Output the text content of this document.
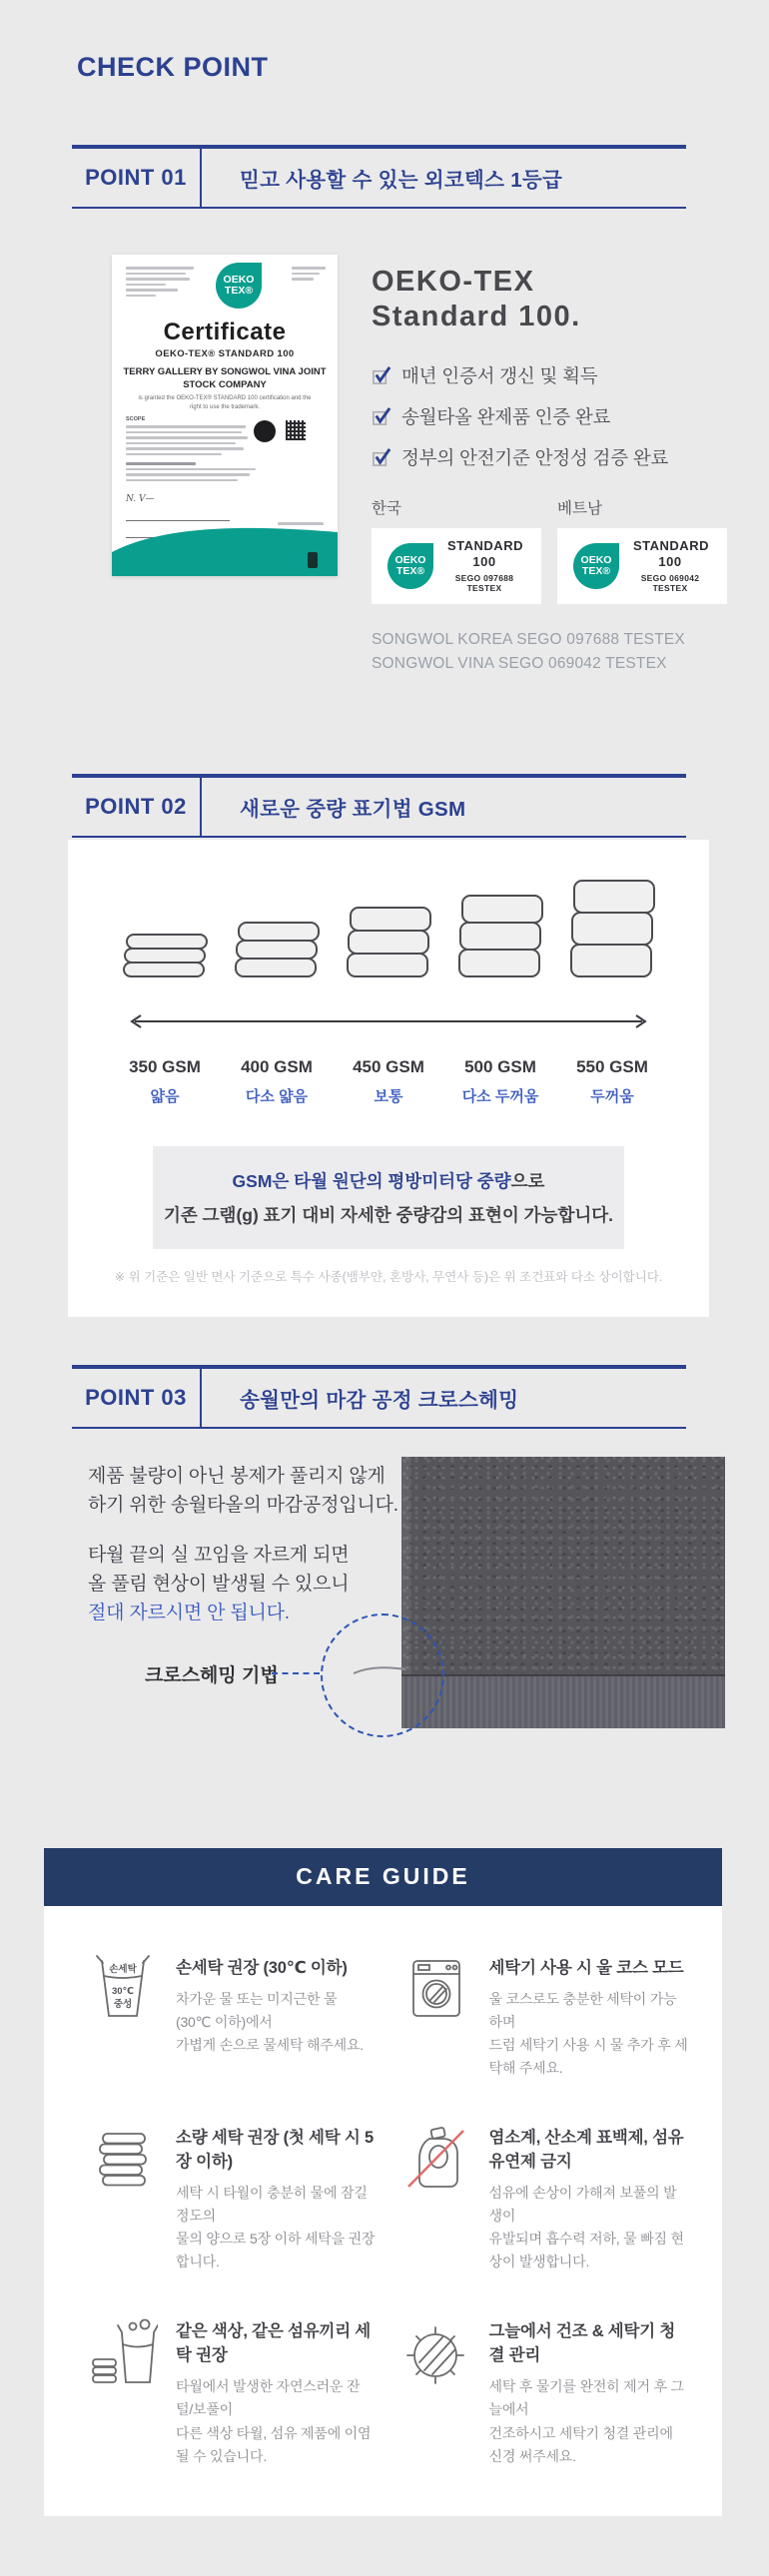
CHECK POINT
POINT 01	믿고 사용할 수 있는 외코텍스 1등급
OEKO
TEX®
Certificate
OEKO-TEX® STANDARD 100
TERRY GALLERY BY SONGWOL VINA JOINT STOCK COMPANY
is granted the OEKO-TEX® STANDARD 100 certification and the right to use the trademark.
SCOPE
N. V—
OEKO-TEX
Standard 100.
매년 인증서 갱신 및 획득
송월타올 완제품 인증 완료
정부의 안전기준 안정성 검증 완료
한국
OEKO
TEX®
STANDARD 100
SEGO 097688
TESTEX
베트남
OEKO
TEX®
STANDARD 100
SEGO 069042
TESTEX
SONGWOL KOREA SEGO 097688 TESTEX
SONGWOL VINA SEGO 069042 TESTEX
POINT 02	새로운 중량 표기법 GSM
350 GSM
얇음
400 GSM
다소 얇음
450 GSM
보통
500 GSM
다소 두꺼움
550 GSM
두꺼움
GSM은 타월 원단의 평방미터당 중량으로
기존 그램(g) 표기 대비 자세한 중량감의 표현이 가능합니다.
※ 위 기준은 일반 면사 기준으로 특수 사종(뱀부얀, 혼방사, 무연사 등)은 위 조건표와 다소 상이합니다.
POINT 03	송월만의 마감 공정 크로스헤밍
제품 불량이 아닌 봉제가 풀리지 않게
하기 위한 송월타올의 마감공정입니다.
타월 끝의 실 꼬임을 자르게 되면
올 풀림 현상이 발생될 수 있으니
절대 자르시면 안 됩니다.
크로스헤밍 기법
CARE GUIDE
손세탁
30℃
중성
손세탁 권장 (30℃ 이하)
차가운 물 또는 미지근한 물 (30℃ 이하)에서
가볍게 손으로 물세탁 해주세요.
세탁기 사용 시 울 코스 모드
울 코스로도 충분한 세탁이 가능하며
드럼 세탁기 사용 시 물 추가 후 세탁해 주세요.
소량 세탁 권장 (첫 세탁 시 5장 이하)
세탁 시 타월이 충분히 물에 잠길 정도의
물의 양으로 5장 이하 세탁을 권장합니다.
염소계, 산소계 표백제, 섬유 유연제 금지
섬유에 손상이 가해져 보풀의 발생이
유발되며 흡수력 저하, 물 빠짐 현상이 발생합니다.
같은 색상, 같은 섬유끼리 세탁 권장
타월에서 발생한 자연스러운 잔털/보풀이
다른 색상 타월, 섬유 제품에 이염될 수 있습니다.
그늘에서 건조 & 세탁기 청결 관리
세탁 후 물기를 완전히 제거 후 그늘에서
건조하시고 세탁기 청결 관리에 신경 써주세요.
